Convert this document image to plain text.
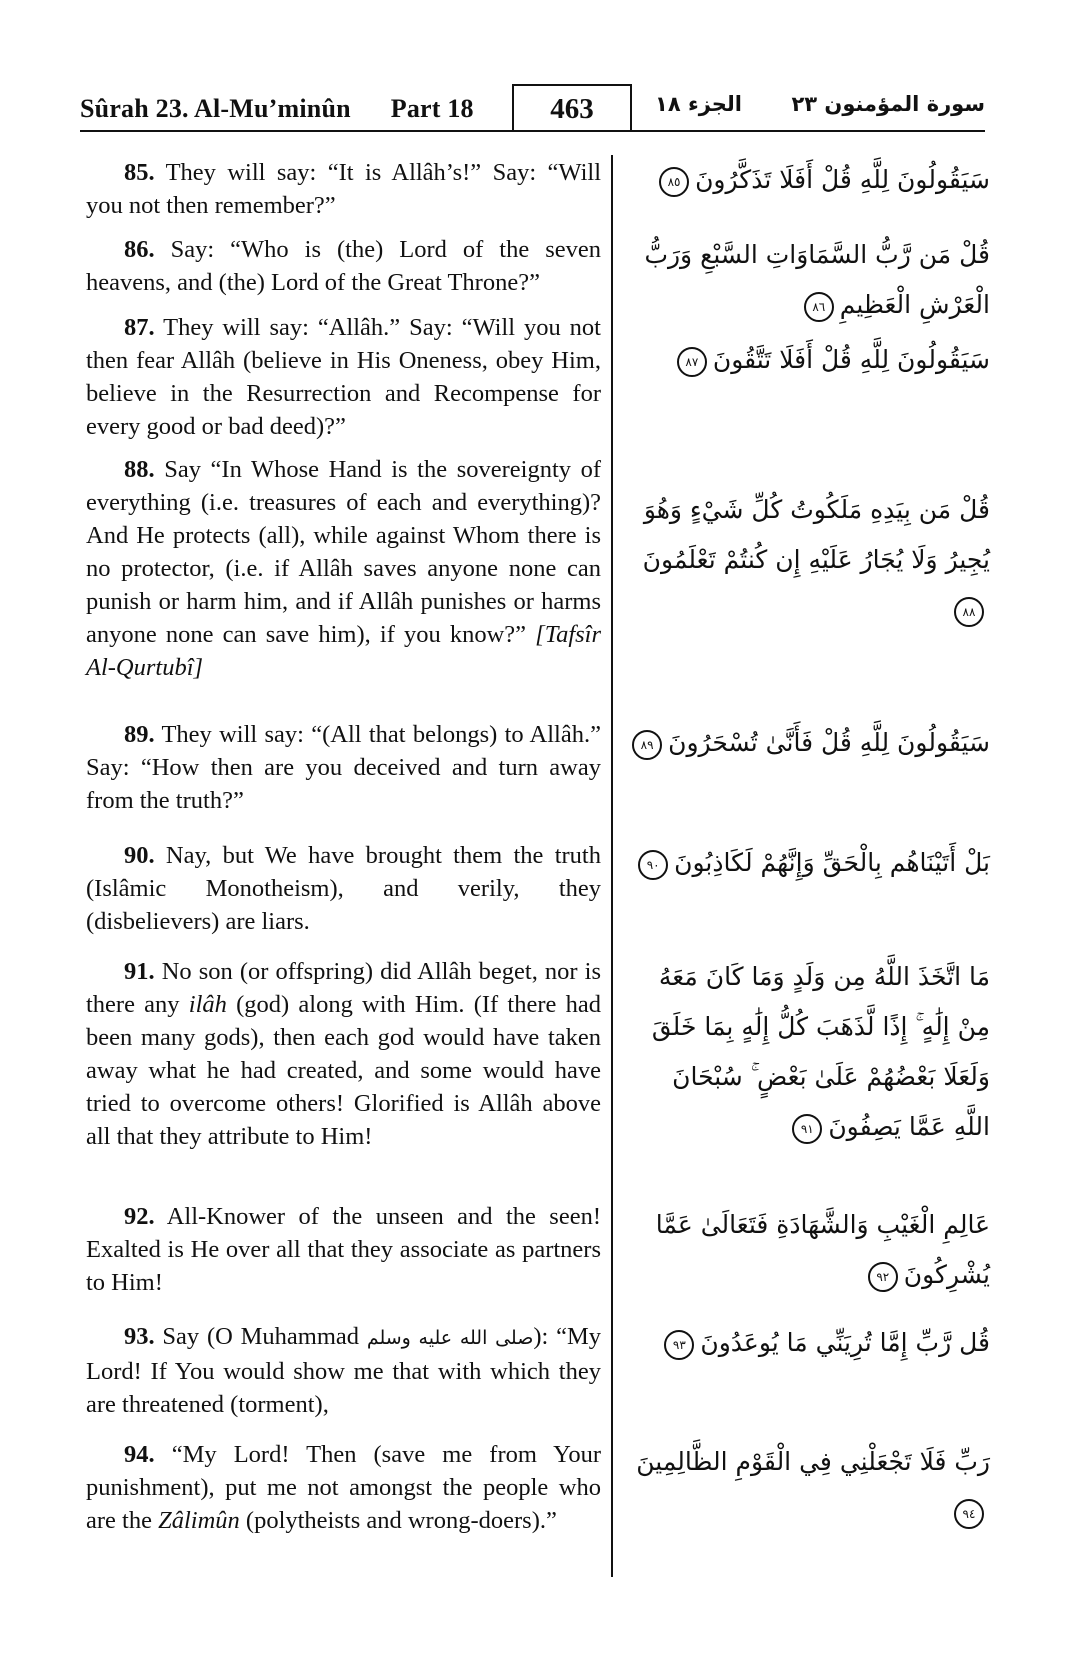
Sûrah 23. Al-Mu’minûn Part 18	463	الجزء ١٨ سورة المؤمنون ٢٣

85. They will say: “It is Allâh’s!” Say: “Will you not then remember?”

سَيَقُولُونَ لِلَّهِ قُلْ أَفَلَا تَذَكَّرُونَ٨٥

86. Say: “Who is (the) Lord of the seven heavens, and (the) Lord of the Great Throne?”

قُلْ مَن رَّبُّ السَّمَاوَاتِ السَّبْعِ وَرَبُّ الْعَرْشِ الْعَظِيمِ٨٦

87. They will say: “Allâh.” Say: “Will you not then fear Allâh (believe in His Oneness, obey Him, believe in the Resurrection and Recompense for every good or bad deed)?”

سَيَقُولُونَ لِلَّهِ قُلْ أَفَلَا تَتَّقُونَ٨٧

88. Say “In Whose Hand is the sovereignty of everything (i.e. treasures of each and everything)? And He protects (all), while against Whom there is no protector, (i.e. if Allâh saves anyone none can punish or harm him, and if Allâh punishes or harms anyone none can save him), if you know?” [Tafsîr Al-Qurtubî]

قُلْ مَن بِيَدِهِ مَلَكُوتُ كُلِّ شَيْءٍ وَهُوَ يُجِيرُ وَلَا يُجَارُ عَلَيْهِ إِن كُنتُمْ تَعْلَمُونَ٨٨

89. They will say: “(All that belongs) to Allâh.” Say: “How then are you deceived and turn away from the truth?”

سَيَقُولُونَ لِلَّهِ قُلْ فَأَنَّىٰ تُسْحَرُونَ٨٩

90. Nay, but We have brought them the truth (Islâmic Monotheism), and verily, they (disbelievers) are liars.

بَلْ أَتَيْنَاهُم بِالْحَقِّ وَإِنَّهُمْ لَكَاذِبُونَ٩٠

91. No son (or offspring) did Allâh beget, nor is there any ilâh (god) along with Him. (If there had been many gods), then each god would have taken away what he had created, and some would have tried to overcome others! Glorified is Allâh above all that they attribute to Him!

مَا اتَّخَذَ اللَّهُ مِن وَلَدٍ وَمَا كَانَ مَعَهُ مِنْ إِلَٰهٍ ۚ إِذًا لَّذَهَبَ كُلُّ إِلَٰهٍ بِمَا خَلَقَ وَلَعَلَا بَعْضُهُمْ عَلَىٰ بَعْضٍ ۚ سُبْحَانَ اللَّهِ عَمَّا يَصِفُونَ٩١

92. All-Knower of the unseen and the seen! Exalted is He over all that they associate as partners to Him!

عَالِمِ الْغَيْبِ وَالشَّهَادَةِ فَتَعَالَىٰ عَمَّا يُشْرِكُونَ٩٢

93. Say (O Muhammad صلى الله عليه وسلم): “My Lord! If You would show me that with which they are threatened (torment),

قُل رَّبِّ إِمَّا تُرِيَنِّي مَا يُوعَدُونَ٩٣

94. “My Lord! Then (save me from Your punishment), put me not amongst the people who are the Zâlimûn (polytheists and wrong-doers).”

رَبِّ فَلَا تَجْعَلْنِي فِي الْقَوْمِ الظَّالِمِينَ٩٤
